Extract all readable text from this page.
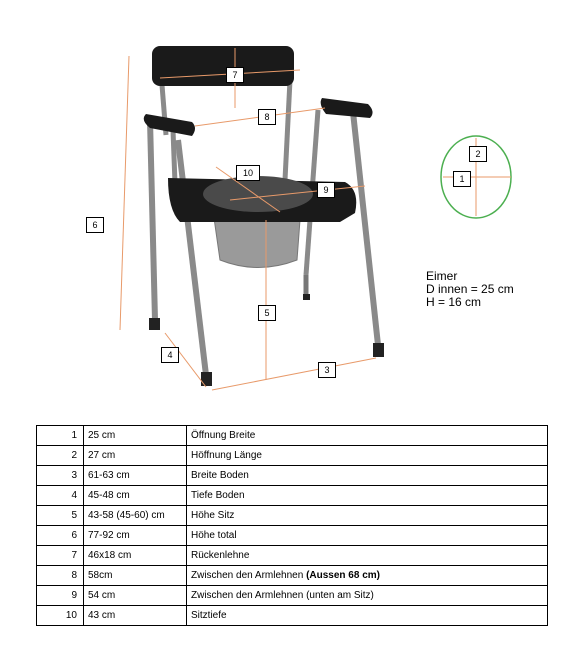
7
8
10
9
6
5
4
3
2
1
Eimer
D innen = 25 cm
H = 16 cm
1	25 cm	Öffnung Breite
2	27 cm	Höffnung Länge
3	61-63 cm	Breite Boden
4	45-48 cm	Tiefe Boden
5	43-58 (45-60) cm	Höhe Sitz
6	77-92 cm	Höhe total
7	46x18 cm	Rückenlehne
8	58cm	Zwischen den Armlehnen (Aussen 68 cm)
9	54 cm	Zwischen den Armlehnen (unten am Sitz)
10	43 cm	Sitztiefe
